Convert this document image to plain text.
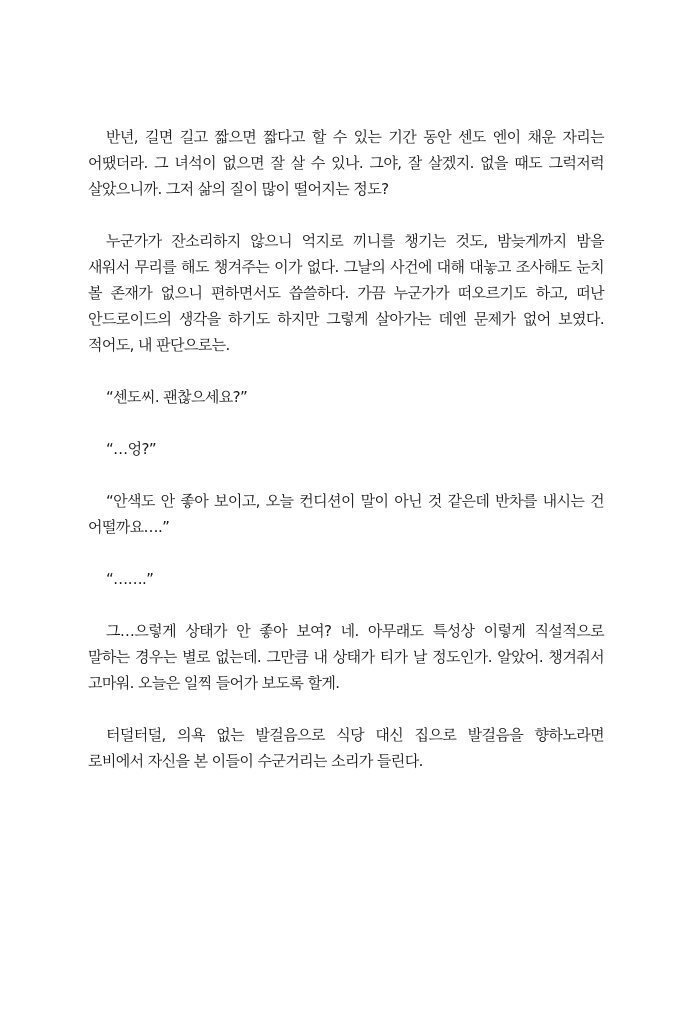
반년, 길면 길고 짧으면 짧다고 할 수 있는 기간 동안 센도 엔이 채운 자리는 어땠더라. 그 녀석이 없으면 잘 살 수 있나. 그야, 잘 살겠지. 없을 때도 그럭저럭 살았으니까. 그저 삶의 질이 많이 떨어지는 정도?

누군가가 잔소리하지 않으니 억지로 끼니를 챙기는 것도, 밤늦게까지 밤을 새워서 무리를 해도 챙겨주는 이가 없다. 그날의 사건에 대해 대놓고 조사해도 눈치 볼 존재가 없으니 편하면서도 씁쓸하다. 가끔 누군가가 떠오르기도 하고, 떠난 안드로이드의 생각을 하기도 하지만 그렇게 살아가는 데엔 문제가 없어 보였다. 적어도, 내 판단으로는.

“센도씨. 괜찮으세요?”

“…엉?”

“안색도 안 좋아 보이고, 오늘 컨디션이 말이 아닌 것 같은데 반차를 내시는 건 어떨까요….”

“…….”

그…으렇게 상태가 안 좋아 보여? 네. 아무래도 특성상 이렇게 직설적으로 말하는 경우는 별로 없는데. 그만큼 내 상태가 티가 날 정도인가. 알았어. 챙겨줘서 고마워. 오늘은 일찍 들어가 보도록 할게.

터덜터덜, 의욕 없는 발걸음으로 식당 대신 집으로 발걸음을 향하노라면 로비에서 자신을 본 이들이 수군거리는 소리가 들린다.
